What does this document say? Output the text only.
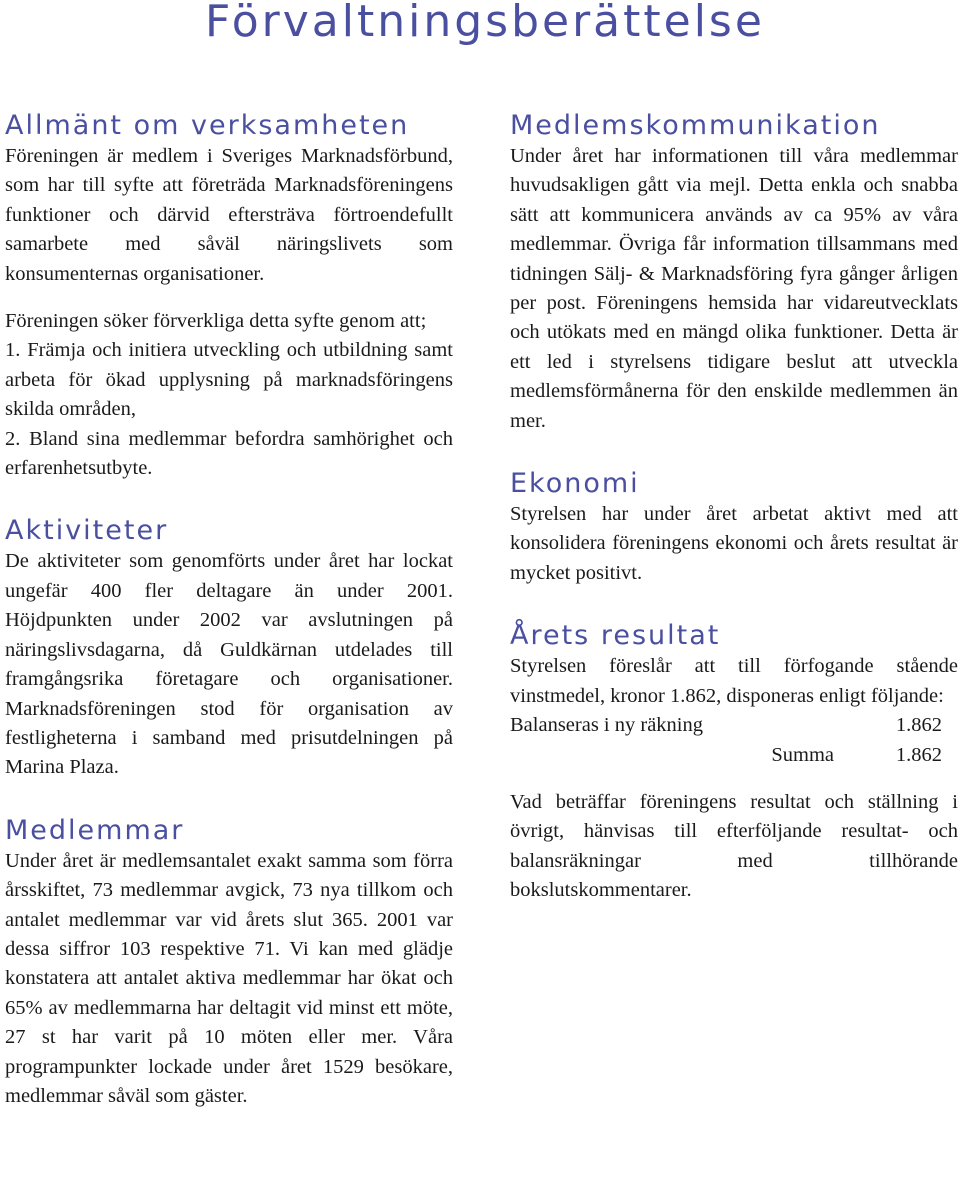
Förvaltningsberättelse
Allmänt om verksamheten

Föreningen är medlem i Sveriges Marknadsförbund, som har till syfte att företräda Marknadsföreningens funktioner och därvid eftersträva förtroendefullt samarbete med såväl näringslivets som konsumenternas organisationer.

Föreningen söker förverkliga detta syfte genom att;

1. Främja och initiera utveckling och utbildning samt arbeta för ökad upplysning på marknadsföringens skilda områden,

2. Bland sina medlemmar befordra samhörighet och erfarenhetsutbyte.

Aktiviteter

De aktiviteter som genomförts under året har lockat ungefär 400 fler deltagare än under 2001. Höjdpunkten under 2002 var avslutningen på näringslivsdagarna, då Guldkärnan utdelades till framgångsrika företagare och organisationer. Marknadsföreningen stod för organisation av festligheterna i samband med prisutdelningen på Marina Plaza.

Medlemmar

Under året är medlemsantalet exakt samma som förra årsskiftet, 73 medlemmar avgick, 73 nya tillkom och antalet medlemmar var vid årets slut 365. 2001 var dessa siffror 103 respektive 71. Vi kan med glädje konstatera att antalet aktiva medlemmar har ökat och 65% av medlemmarna har deltagit vid minst ett möte, 27 st har varit på 10 möten eller mer. Våra programpunkter lockade under året 1529 besökare, medlemmar såväl som gäster.

Medlemskommunikation

Under året har informationen till våra medlemmar huvudsakligen gått via mejl. Detta enkla och snabba sätt att kommunicera används av ca 95% av våra medlemmar. Övriga får information tillsammans med tidningen Sälj- & Marknadsföring fyra gånger årligen per post. Föreningens hemsida har vidareutvecklats och utökats med en mängd olika funktioner. Detta är ett led i styrelsens tidigare beslut att utveckla medlemsförmånerna för den enskilde medlemmen än mer.

Ekonomi

Styrelsen har under året arbetat aktivt med att konsolidera föreningens ekonomi och årets resultat är mycket positivt.

Årets resultat

Styrelsen föreslår att till förfogande stående vinstmedel, kronor 1.862, disponeras enligt följande:

Balanseras i ny räkning	1.862
Summa	1.862

Vad beträffar föreningens resultat och ställning i övrigt, hänvisas till efterföljande resultat- och balansräkningar med tillhörande bokslutskommentarer.
